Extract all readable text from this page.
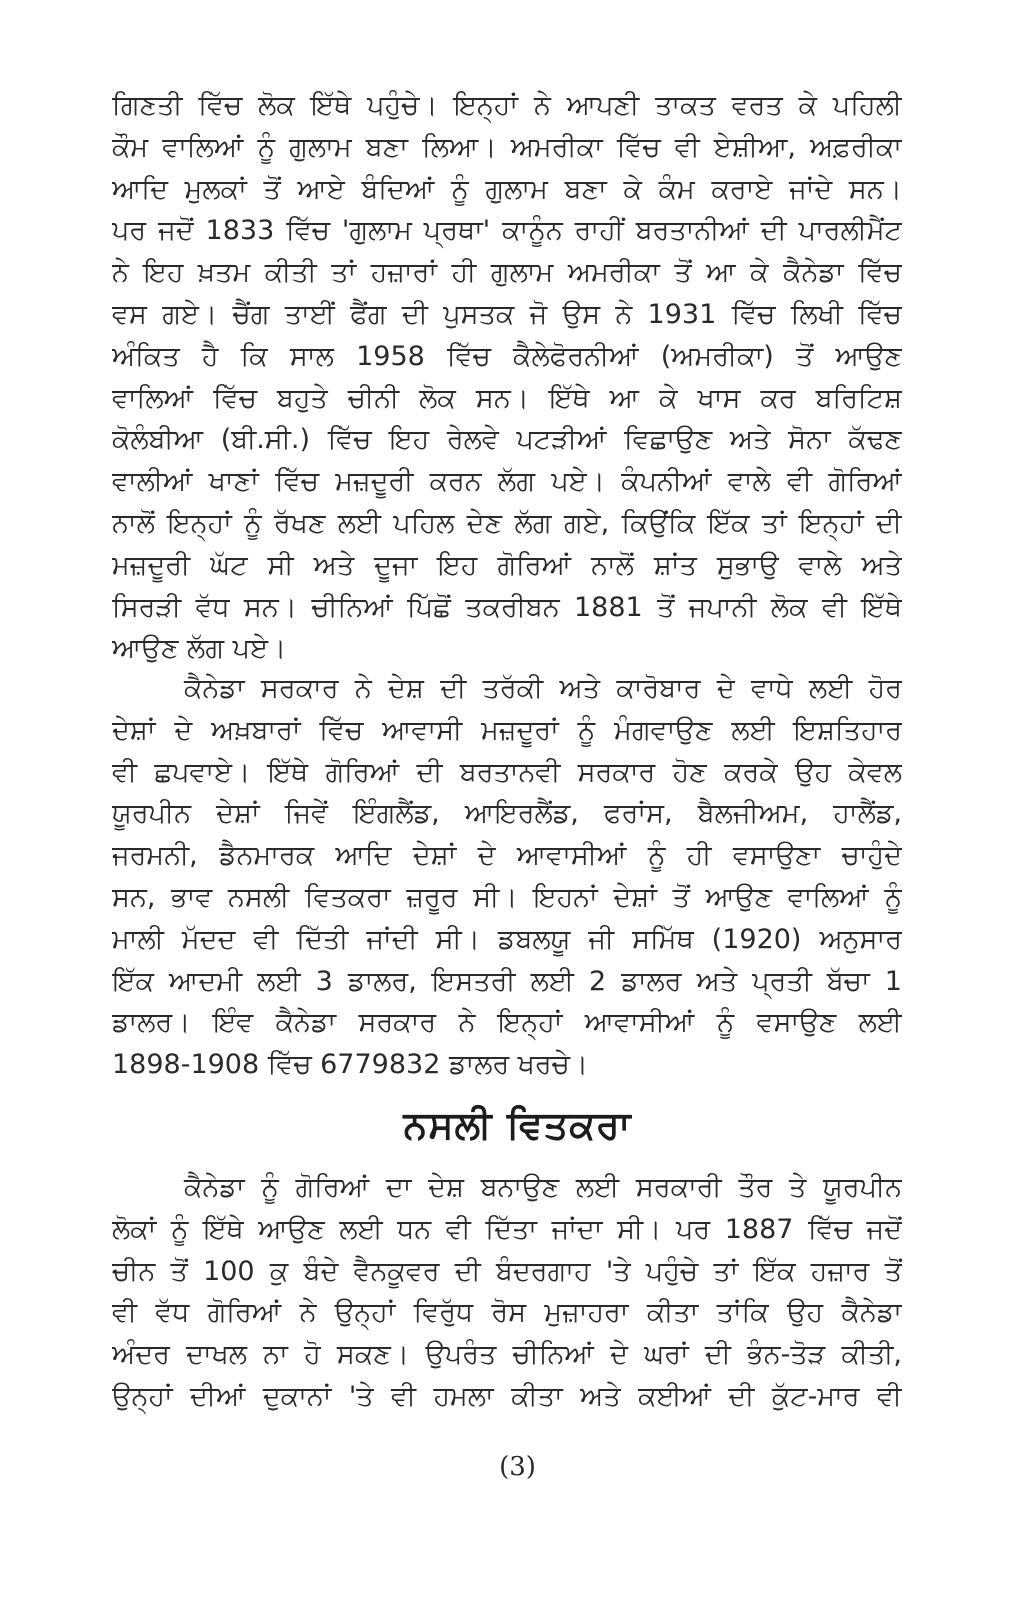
ਗਿਣਤੀ ਵਿੱਚ ਲੋਕ ਇੱਥੇ ਪਹੁੰਚੇ। ਇਨ੍ਹਾਂ ਨੇ ਆਪਣੀ ਤਾਕਤ ਵਰਤ ਕੇ ਪਹਿਲੀ
ਕੌਮ ਵਾਲਿਆਂ ਨੂੰ ਗੁਲਾਮ ਬਣਾ ਲਿਆ। ਅਮਰੀਕਾ ਵਿੱਚ ਵੀ ਏਸ਼ੀਆ, ਅਫ਼ਰੀਕਾ
ਆਦਿ ਮੁਲਕਾਂ ਤੋਂ ਆਏ ਬੰਦਿਆਂ ਨੂੰ ਗੁਲਾਮ ਬਣਾ ਕੇ ਕੰਮ ਕਰਾਏ ਜਾਂਦੇ ਸਨ।
ਪਰ ਜਦੋਂ 1833 ਵਿੱਚ 'ਗੁਲਾਮ ਪ੍ਰਥਾ' ਕਾਨੂੰਨ ਰਾਹੀਂ ਬਰਤਾਨੀਆਂ ਦੀ ਪਾਰਲੀਮੈਂਟ
ਨੇ ਇਹ ਖ਼ਤਮ ਕੀਤੀ ਤਾਂ ਹਜ਼ਾਰਾਂ ਹੀ ਗੁਲਾਮ ਅਮਰੀਕਾ ਤੋਂ ਆ ਕੇ ਕੈਨੇਡਾ ਵਿੱਚ
ਵਸ ਗਏ। ਚੈਂਗ ਤਾਈਂ ਫੈਂਗ ਦੀ ਪੁਸਤਕ ਜੋ ਉਸ ਨੇ 1931 ਵਿੱਚ ਲਿਖੀ ਵਿੱਚ
ਅੰਕਿਤ ਹੈ ਕਿ ਸਾਲ 1958 ਵਿੱਚ ਕੈਲੇਫੋਰਨੀਆਂ (ਅਮਰੀਕਾ) ਤੋਂ ਆਉਣ
ਵਾਲਿਆਂ ਵਿੱਚ ਬਹੁਤੇ ਚੀਨੀ ਲੋਕ ਸਨ। ਇੱਥੇ ਆ ਕੇ ਖਾਸ ਕਰ ਬਰਿਟਿਸ਼
ਕੋਲੰਬੀਆ (ਬੀ.ਸੀ.) ਵਿੱਚ ਇਹ ਰੇਲਵੇ ਪਟੜੀਆਂ ਵਿਛਾਉਣ ਅਤੇ ਸੋਨਾ ਕੱਢਣ
ਵਾਲੀਆਂ ਖਾਣਾਂ ਵਿੱਚ ਮਜ਼ਦੂਰੀ ਕਰਨ ਲੱਗ ਪਏ। ਕੰਪਨੀਆਂ ਵਾਲੇ ਵੀ ਗੋਰਿਆਂ
ਨਾਲੋਂ ਇਨ੍ਹਾਂ ਨੂੰ ਰੱਖਣ ਲਈ ਪਹਿਲ ਦੇਣ ਲੱਗ ਗਏ, ਕਿਉਂਕਿ ਇੱਕ ਤਾਂ ਇਨ੍ਹਾਂ ਦੀ
ਮਜ਼ਦੂਰੀ ਘੱਟ ਸੀ ਅਤੇ ਦੂਜਾ ਇਹ ਗੋਰਿਆਂ ਨਾਲੋਂ ਸ਼ਾਂਤ ਸੁਭਾਉ ਵਾਲੇ ਅਤੇ
ਸਿਰੜੀ ਵੱਧ ਸਨ। ਚੀਨਿਆਂ ਪਿੱਛੋਂ ਤਕਰੀਬਨ 1881 ਤੋਂ ਜਪਾਨੀ ਲੋਕ ਵੀ ਇੱਥੇ
ਆਉਣ ਲੱਗ ਪਏ।
ਕੈਨੇਡਾ ਸਰਕਾਰ ਨੇ ਦੇਸ਼ ਦੀ ਤਰੱਕੀ ਅਤੇ ਕਾਰੋਬਾਰ ਦੇ ਵਾਧੇ ਲਈ ਹੋਰ
ਦੇਸ਼ਾਂ ਦੇ ਅਖ਼ਬਾਰਾਂ ਵਿੱਚ ਆਵਾਸੀ ਮਜ਼ਦੂਰਾਂ ਨੂੰ ਮੰਗਵਾਉਣ ਲਈ ਇਸ਼ਤਿਹਾਰ
ਵੀ ਛਪਵਾਏ। ਇੱਥੇ ਗੋਰਿਆਂ ਦੀ ਬਰਤਾਨਵੀ ਸਰਕਾਰ ਹੋਣ ਕਰਕੇ ਉਹ ਕੇਵਲ
ਯੂਰਪੀਨ ਦੇਸ਼ਾਂ ਜਿਵੇਂ ਇੰਗਲੈਂਡ, ਆਇਰਲੈਂਡ, ਫਰਾਂਸ, ਬੈਲਜੀਅਮ, ਹਾਲੈਂਡ,
ਜਰਮਨੀ, ਡੈਨਮਾਰਕ ਆਦਿ ਦੇਸ਼ਾਂ ਦੇ ਆਵਾਸੀਆਂ ਨੂੰ ਹੀ ਵਸਾਉਣਾ ਚਾਹੁੰਦੇ
ਸਨ, ਭਾਵ ਨਸਲੀ ਵਿਤਕਰਾ ਜ਼ਰੂਰ ਸੀ। ਇਹਨਾਂ ਦੇਸ਼ਾਂ ਤੋਂ ਆਉਣ ਵਾਲਿਆਂ ਨੂੰ
ਮਾਲੀ ਮੱਦਦ ਵੀ ਦਿੱਤੀ ਜਾਂਦੀ ਸੀ। ਡਬਲਯੂ ਜੀ ਸਮਿੱਥ (1920) ਅਨੁਸਾਰ
ਇੱਕ ਆਦਮੀ ਲਈ 3 ਡਾਲਰ, ਇਸਤਰੀ ਲਈ 2 ਡਾਲਰ ਅਤੇ ਪ੍ਰਤੀ ਬੱਚਾ 1
ਡਾਲਰ। ਇੰਵ ਕੈਨੇਡਾ ਸਰਕਾਰ ਨੇ ਇਨ੍ਹਾਂ ਆਵਾਸੀਆਂ ਨੂੰ ਵਸਾਉਣ ਲਈ
1898-1908 ਵਿੱਚ 6779832 ਡਾਲਰ ਖਰਚੇ।
ਨਸਲੀ ਵਿਤਕਰਾ
ਕੈਨੇਡਾ ਨੂੰ ਗੋਰਿਆਂ ਦਾ ਦੇਸ਼ ਬਨਾਉਣ ਲਈ ਸਰਕਾਰੀ ਤੌਰ ਤੇ ਯੂਰਪੀਨ
ਲੋਕਾਂ ਨੂੰ ਇੱਥੇ ਆਉਣ ਲਈ ਧਨ ਵੀ ਦਿੱਤਾ ਜਾਂਦਾ ਸੀ। ਪਰ 1887 ਵਿੱਚ ਜਦੋਂ
ਚੀਨ ਤੋਂ 100 ਕੁ ਬੰਦੇ ਵੈਨਕੂਵਰ ਦੀ ਬੰਦਰਗਾਹ 'ਤੇ ਪਹੁੰਚੇ ਤਾਂ ਇੱਕ ਹਜ਼ਾਰ ਤੋਂ
ਵੀ ਵੱਧ ਗੋਰਿਆਂ ਨੇ ਉਨ੍ਹਾਂ ਵਿਰੁੱਧ ਰੋਸ ਮੁਜ਼ਾਹਰਾ ਕੀਤਾ ਤਾਂਕਿ ਉਹ ਕੈਨੇਡਾ
ਅੰਦਰ ਦਾਖਲ ਨਾ ਹੋ ਸਕਣ। ਉਪਰੰਤ ਚੀਨਿਆਂ ਦੇ ਘਰਾਂ ਦੀ ਭੰਨ-ਤੋੜ ਕੀਤੀ,
ਉਨ੍ਹਾਂ ਦੀਆਂ ਦੁਕਾਨਾਂ 'ਤੇ ਵੀ ਹਮਲਾ ਕੀਤਾ ਅਤੇ ਕਈਆਂ ਦੀ ਕੁੱਟ-ਮਾਰ ਵੀ
(3)
